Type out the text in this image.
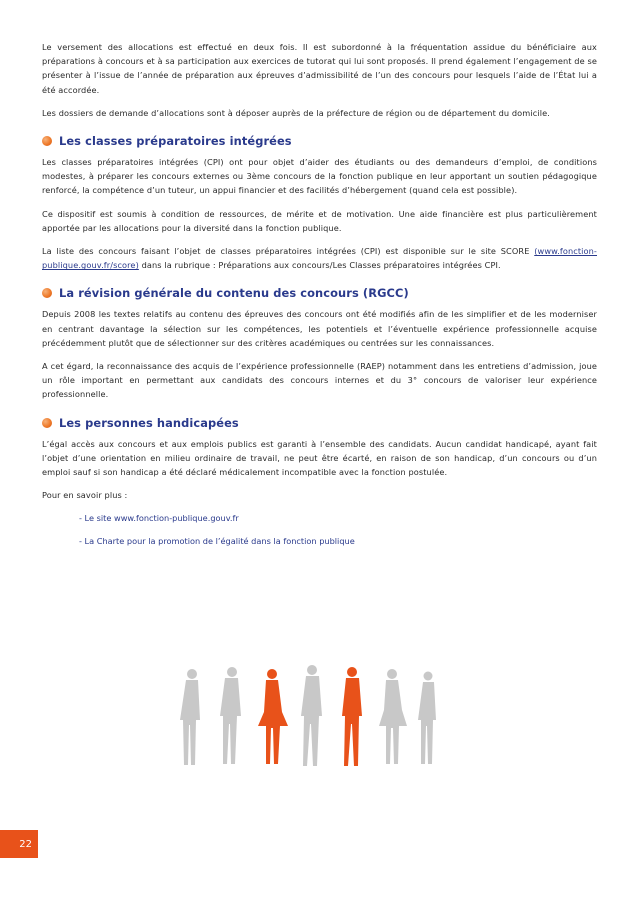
Le versement des allocations est effectué en deux fois. Il est subordonné à la fréquentation assidue du bénéficiaire aux préparations à concours et à sa participation aux exercices de tutorat qui lui sont proposés. Il prend également l’engagement de se présenter à l’issue de l’année de préparation aux épreuves d’admissibilité de l’un des concours pour lesquels l’aide de l’État lui a été accordée.

Les dossiers de demande d’allocations sont à déposer auprès de la préfecture de région ou de département du domicile.

Les classes préparatoires intégrées

Les classes préparatoires intégrées (CPI) ont pour objet d’aider des étudiants ou des demandeurs d’emploi, de conditions modestes, à préparer les concours externes ou 3ème concours de la fonction publique en leur apportant un soutien pédagogique renforcé, la compétence d’un tuteur, un appui financier et des facilités d’hébergement (quand cela est possible).

Ce dispositif est soumis à condition de ressources, de mérite et de motivation. Une aide financière est plus particulièrement apportée par les allocations pour la diversité dans la fonction publique.

La liste des concours faisant l’objet de classes préparatoires intégrées (CPI) est disponible sur le site SCORE (www.fonction-publique.gouv.fr/score) dans la rubrique : Préparations aux concours/Les Classes préparatoires intégrées CPI.

La révision générale du contenu des concours (RGCC)

Depuis 2008 les textes relatifs au contenu des épreuves des concours ont été modifiés afin de les simplifier et de les moderniser en centrant davantage la sélection sur les compétences, les potentiels et l’éventuelle expérience professionnelle acquise précédemment plutôt que de sélectionner sur des critères académiques ou centrées sur les connaissances.

A cet égard, la reconnaissance des acquis de l’expérience professionnelle (RAEP) notamment dans les entretiens d’admission, joue un rôle important en permettant aux candidats des concours internes et du 3° concours de valoriser leur expérience professionnelle.

Les personnes handicapées

L’égal accès aux concours et aux emplois publics est garanti à l’ensemble des candidats. Aucun candidat handicapé, ayant fait l’objet d’une orientation en milieu ordinaire de travail, ne peut être écarté, en raison de son handicap, d’un concours ou d’un emploi sauf si son handicap a été déclaré médicalement incompatible avec la fonction postulée.

Pour en savoir plus :

- Le site www.fonction-publique.gouv.fr
- La Charte pour la promotion de l’égalité dans la fonction publique
22
